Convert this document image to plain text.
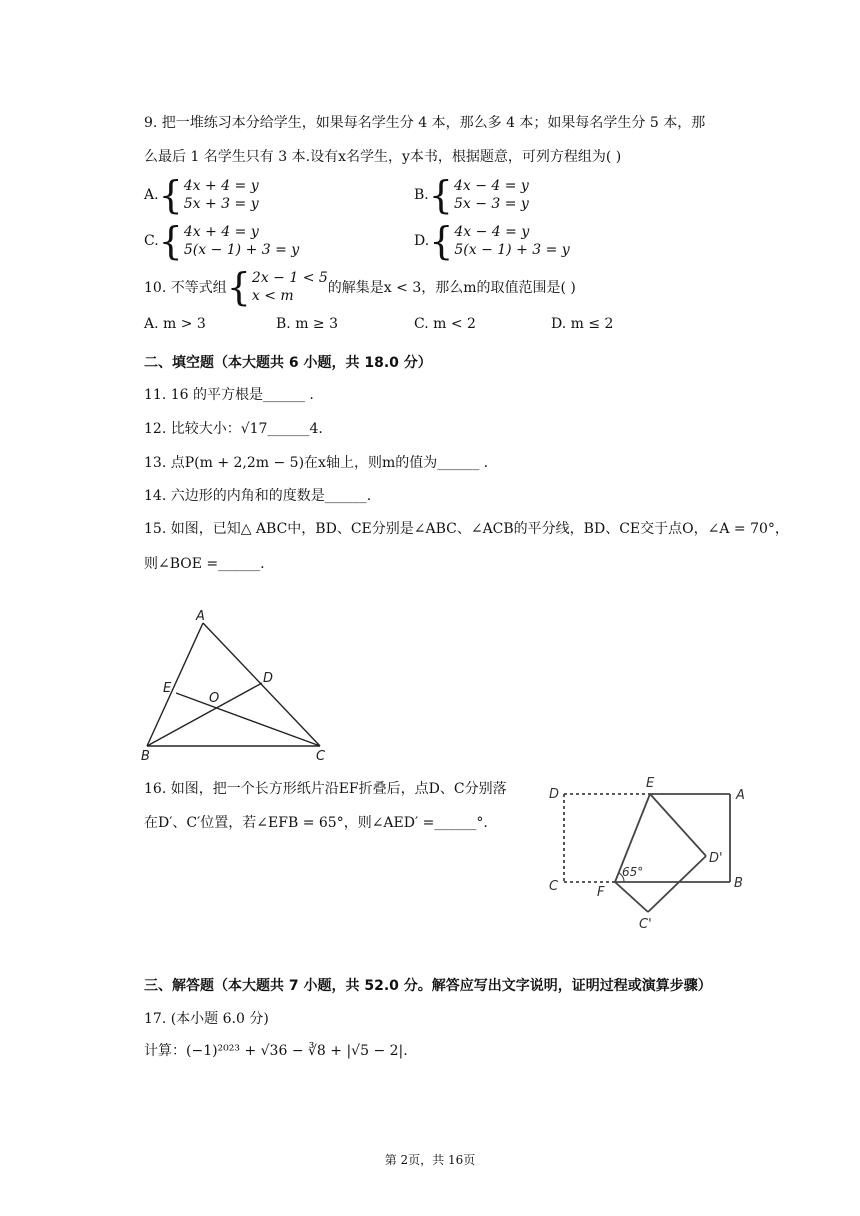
9. 把一堆练习本分给学生，如果每名学生分 4 本，那么多 4 本；如果每名学生分 5 本，那
么最后 1 名学生只有 3 本.设有x名学生，y本书，根据题意，可列方程组为( )
A. { 4x + 4 = y
5x + 3 = y
B. { 4x − 4 = y
5x − 3 = y
C. { 4x + 4 = y
5(x − 1) + 3 = y
D. { 4x − 4 = y
5(x − 1) + 3 = y
10. 不等式组 { 2x − 1 < 5
x < m	的解集是x < 3，那么m的取值范围是( )
A. m > 3	B. m ≥ 3	C. m < 2	D. m ≤ 2
二、填空题（本大题共 6 小题，共 18.0 分）
11. 16 的平方根是______ .
12. 比较大小：√17______4.
13. 点P(m + 2,2m − 5)在x轴上，则m的值为______ .
14. 六边形的内角和的度数是______.
15. 如图，已知△ ABC中，BD、CE分别是∠ABC、∠ACB的平分线，BD、CE交于点O，∠A = 70°，
则∠BOE =______.
A
E
D
O
B	C
16. 如图，把一个长方形纸片沿EF折叠后，点D、C分别落
在D′、C′位置，若∠EFB = 65°，则∠AED′ =______°.
D
E
A
D'
65°
C	F
B
C'
三、解答题（本大题共 7 小题，共 52.0 分。解答应写出文字说明，证明过程或演算步骤）
17. (本小题 6.0 分)
计算：(−1)²⁰²³ + √36 − ∛8 + |√5 − 2|.
第 2页，共 16页
